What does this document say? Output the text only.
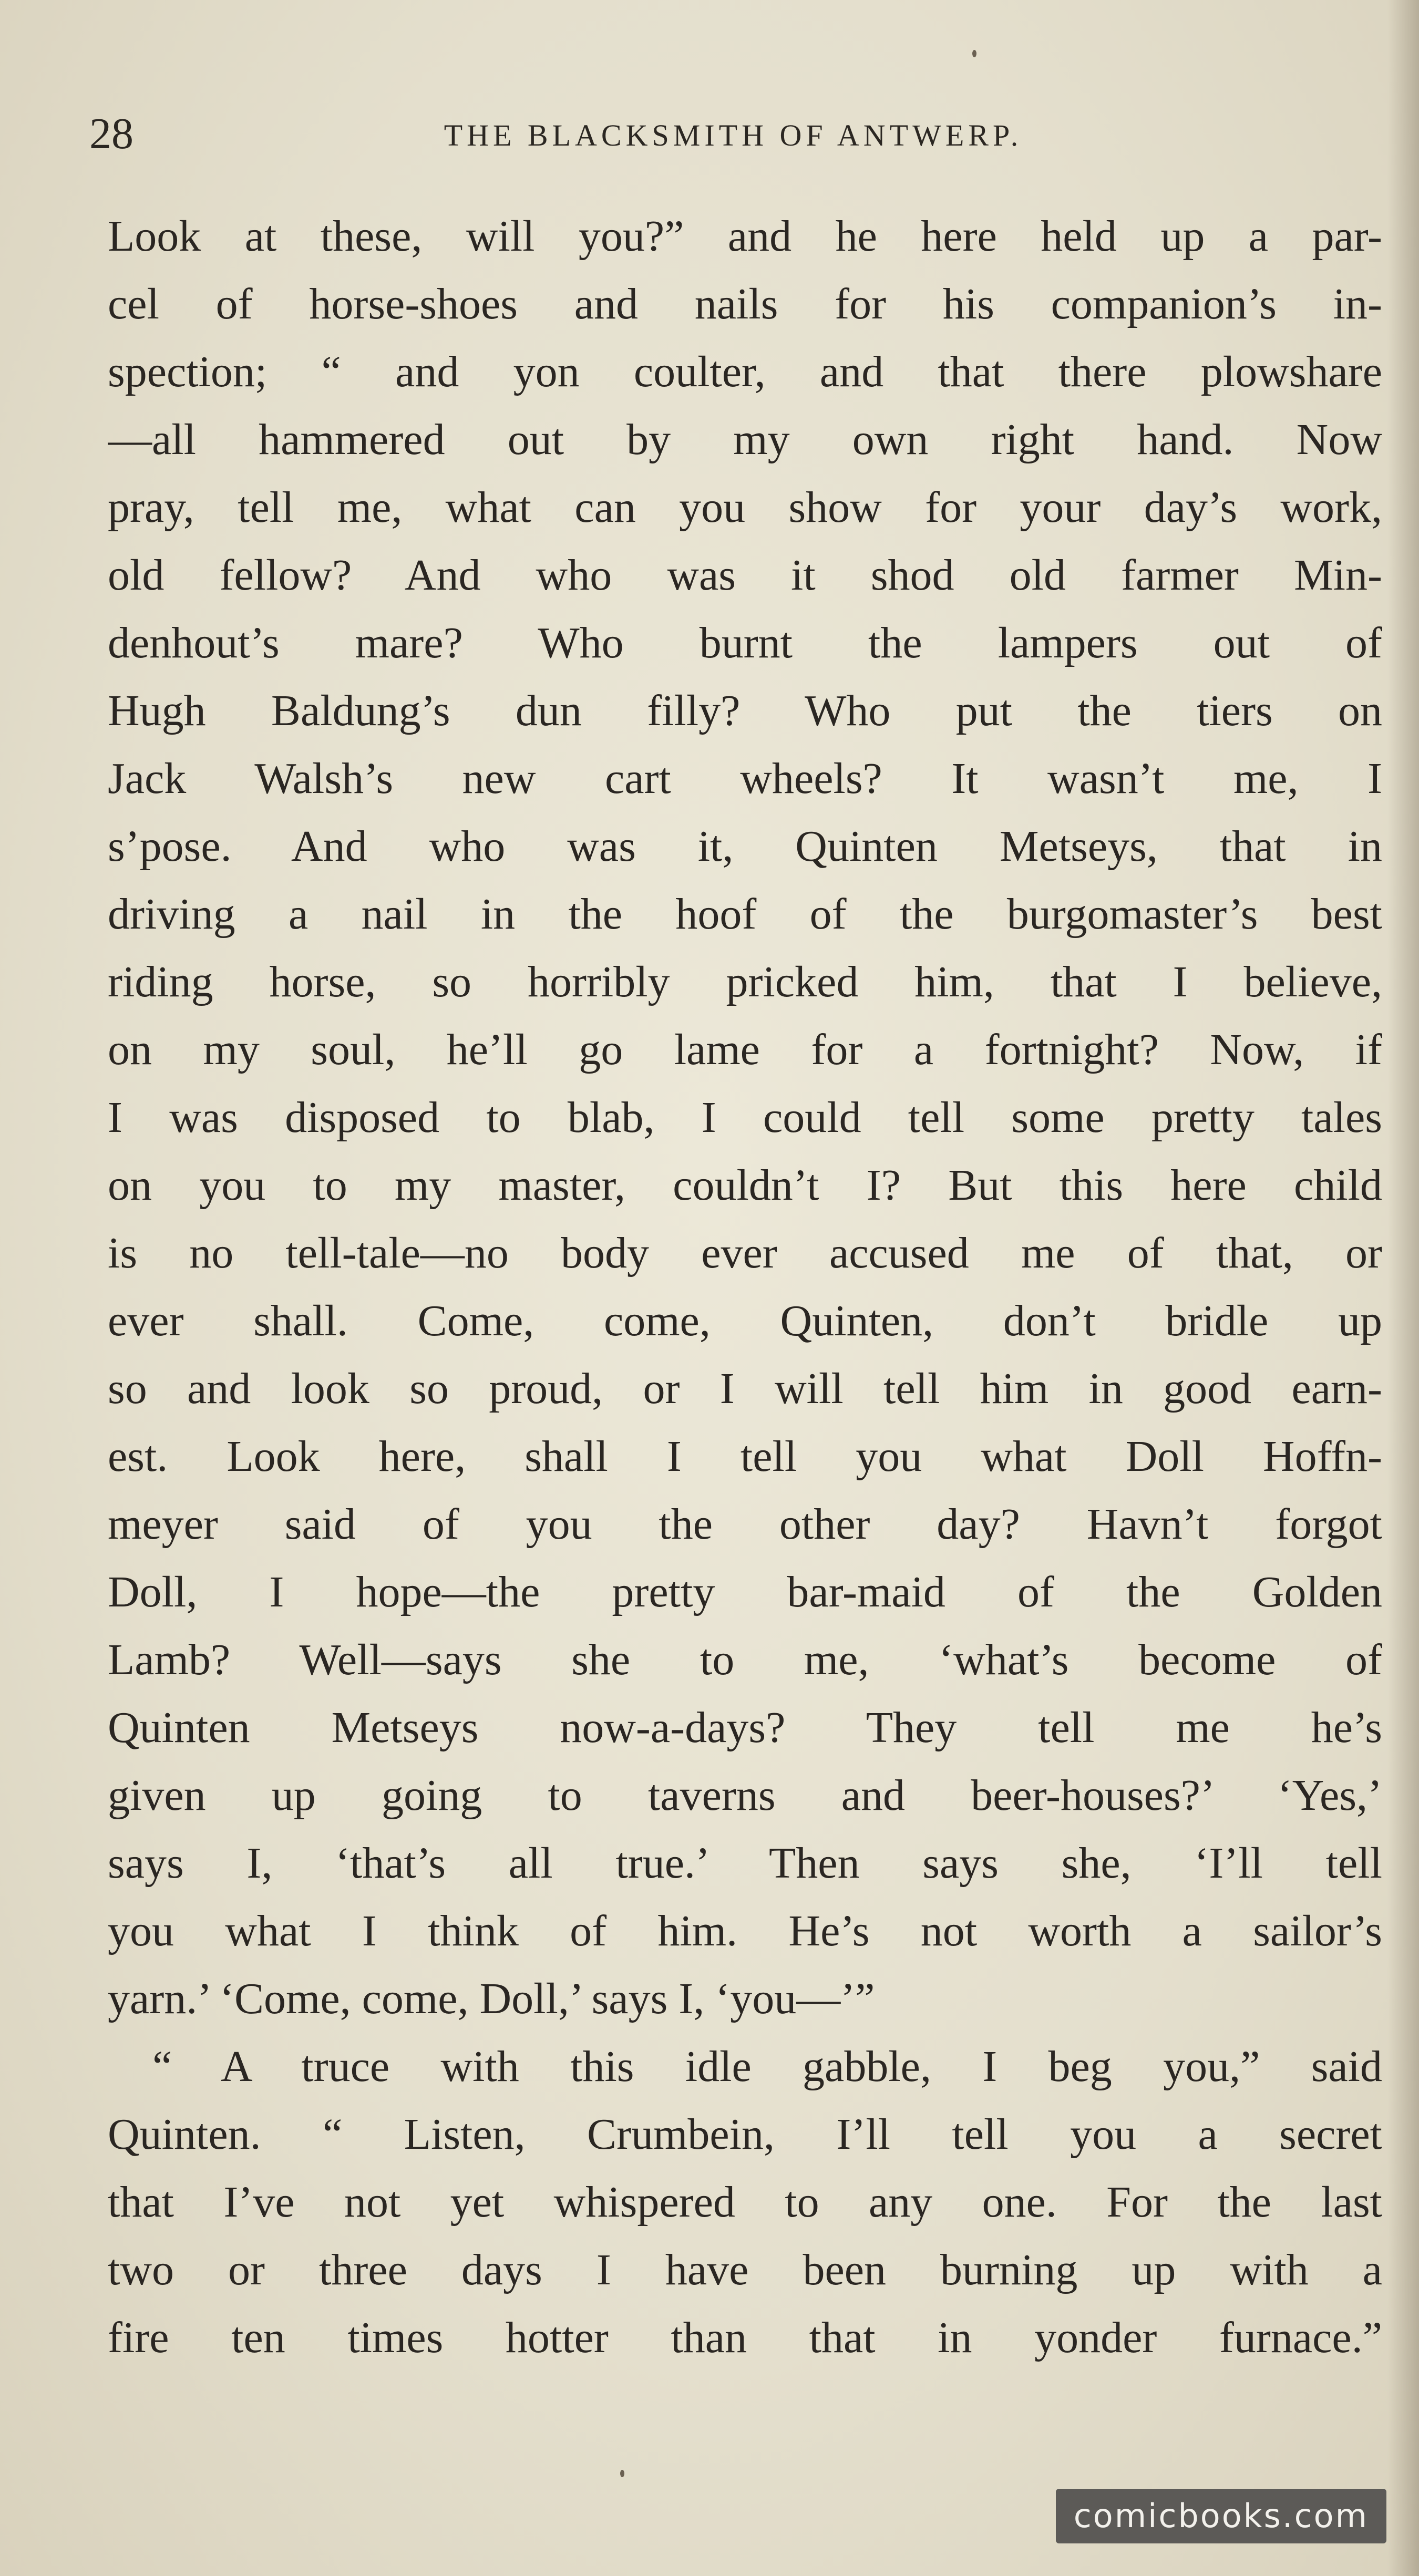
28	THE BLACKSMITH OF ANTWERP.
Look at these, will you?” and he here held up a par-
cel of horse-shoes and nails for his companion’s in-
spection; “ and yon coulter, and that there plowshare
—all hammered out by my own right hand. Now
pray, tell me, what can you show for your day’s work,
old fellow? And who was it shod old farmer Min-
denhout’s mare? Who burnt the lampers out of
Hugh Baldung’s dun filly? Who put the tiers on
Jack Walsh’s new cart wheels? It wasn’t me, I
s’pose. And who was it, Quinten Metseys, that in
driving a nail in the hoof of the burgomaster’s best
riding horse, so horribly pricked him, that I believe,
on my soul, he’ll go lame for a fortnight? Now, if
I was disposed to blab, I could tell some pretty tales
on you to my master, couldn’t I? But this here child
is no tell-tale—no body ever accused me of that, or
ever shall. Come, come, Quinten, don’t bridle up
so and look so proud, or I will tell him in good earn-
est. Look here, shall I tell you what Doll Hoffn-
meyer said of you the other day? Havn’t forgot
Doll, I hope—the pretty bar-maid of the Golden
Lamb? Well—says she to me, ‘what’s become of
Quinten Metseys now-a-days? They tell me he’s
given up going to taverns and beer-houses?’ ‘Yes,’
says I, ‘that’s all true.’ Then says she, ‘I’ll tell
you what I think of him. He’s not worth a sailor’s
yarn.’ ‘Come, come, Doll,’ says I, ‘you—’”
“ A truce with this idle gabble, I beg you,” said
Quinten. “ Listen, Crumbein, I’ll tell you a secret
that I’ve not yet whispered to any one. For the last
two or three days I have been burning up with a
fire ten times hotter than that in yonder furnace.”
comicbooks.com
